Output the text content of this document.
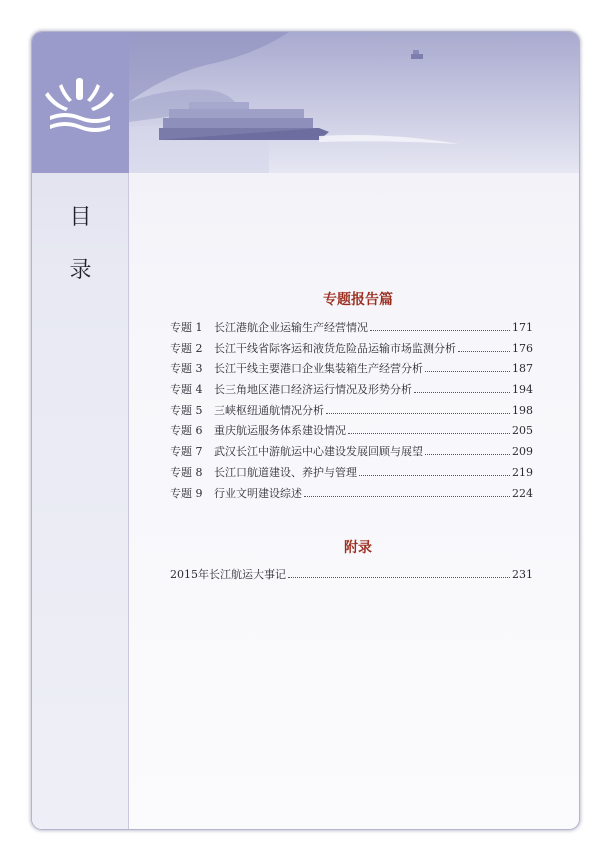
目
录
专题报告篇
专题 1	长江港航企业运输生产经营情况	171
专题 2	长江干线省际客运和液货危险品运输市场监测分析	176
专题 3	长江干线主要港口企业集装箱生产经营分析	187
专题 4	长三角地区港口经济运行情况及形势分析	194
专题 5	三峡枢纽通航情况分析	198
专题 6	重庆航运服务体系建设情况	205
专题 7	武汉长江中游航运中心建设发展回顾与展望	209
专题 8	长江口航道建设、养护与管理	219
专题 9	行业文明建设综述	224
附录
2015年长江航运大事记	231
